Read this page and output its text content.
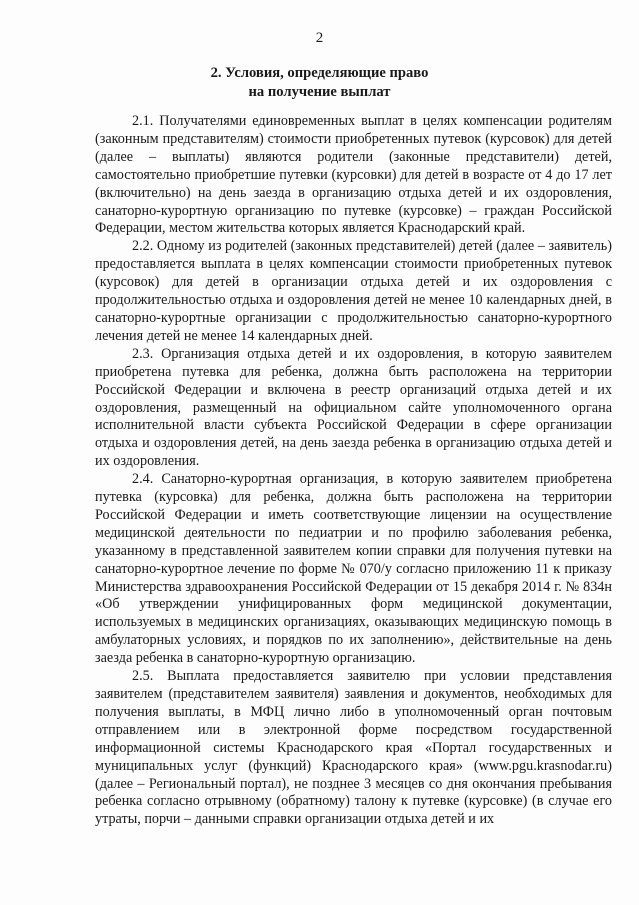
2
2. Условия, определяющие право
на получение выплат

2.1. Получателями единовременных выплат в целях компенсации родителям (законным представителям) стоимости приобретенных путевок (курсовок) для детей (далее – выплаты) являются родители (законные представители) детей, самостоятельно приобретшие путевки (курсовки) для детей в возрасте от 4 до 17 лет (включительно) на день заезда в организацию отдыха детей и их оздоровления, санаторно-курортную организацию по путевке (курсовке) – граждан Российской Федерации, местом жительства которых является Краснодарский край.

2.2. Одному из родителей (законных представителей) детей (далее – заявитель) предоставляется выплата в целях компенсации стоимости приобретенных путевок (курсовок) для детей в организации отдыха детей и их оздоровления с продолжительностью отдыха и оздоровления детей не менее 10 календарных дней, в санаторно-курортные организации с продолжительностью санаторно-курортного лечения детей не менее 14 календарных дней.

2.3. Организация отдыха детей и их оздоровления, в которую заявителем приобретена путевка для ребенка, должна быть расположена на территории Российской Федерации и включена в реестр организаций отдыха детей и их оздоровления, размещенный на официальном сайте уполномоченного органа исполнительной власти субъекта Российской Федерации в сфере организации отдыха и оздоровления детей, на день заезда ребенка в организацию отдыха детей и их оздоровления.

2.4. Санаторно-курортная организация, в которую заявителем приобретена путевка (курсовка) для ребенка, должна быть расположена на территории Российской Федерации и иметь соответствующие лицензии на осуществление медицинской деятельности по педиатрии и по профилю заболевания ребенка, указанному в представленной заявителем копии справки для получения путевки на санаторно-курортное лечение по форме № 070/у согласно приложению 11 к приказу Министерства здравоохранения Российской Федерации от 15 декабря 2014 г. № 834н «Об утверждении унифицированных форм медицинской документации, используемых в медицинских организациях, оказывающих медицинскую помощь в амбулаторных условиях, и порядков по их заполнению», действительные на день заезда ребенка в санаторно-курортную организацию.

2.5. Выплата предоставляется заявителю при условии представления заявителем (представителем заявителя) заявления и документов, необходимых для получения выплаты, в МФЦ лично либо в уполномоченный орган почтовым отправлением или в электронной форме посредством государственной информационной системы Краснодарского края «Портал государственных и муниципальных услуг (функций) Краснодарского края» (www.pgu.krasnodar.ru) (далее – Региональный портал), не позднее 3 месяцев со дня окончания пребывания ребенка согласно отрывному (обратному) талону к путевке (курсовке) (в случае его утраты, порчи – данными справки организации отдыха детей и их
